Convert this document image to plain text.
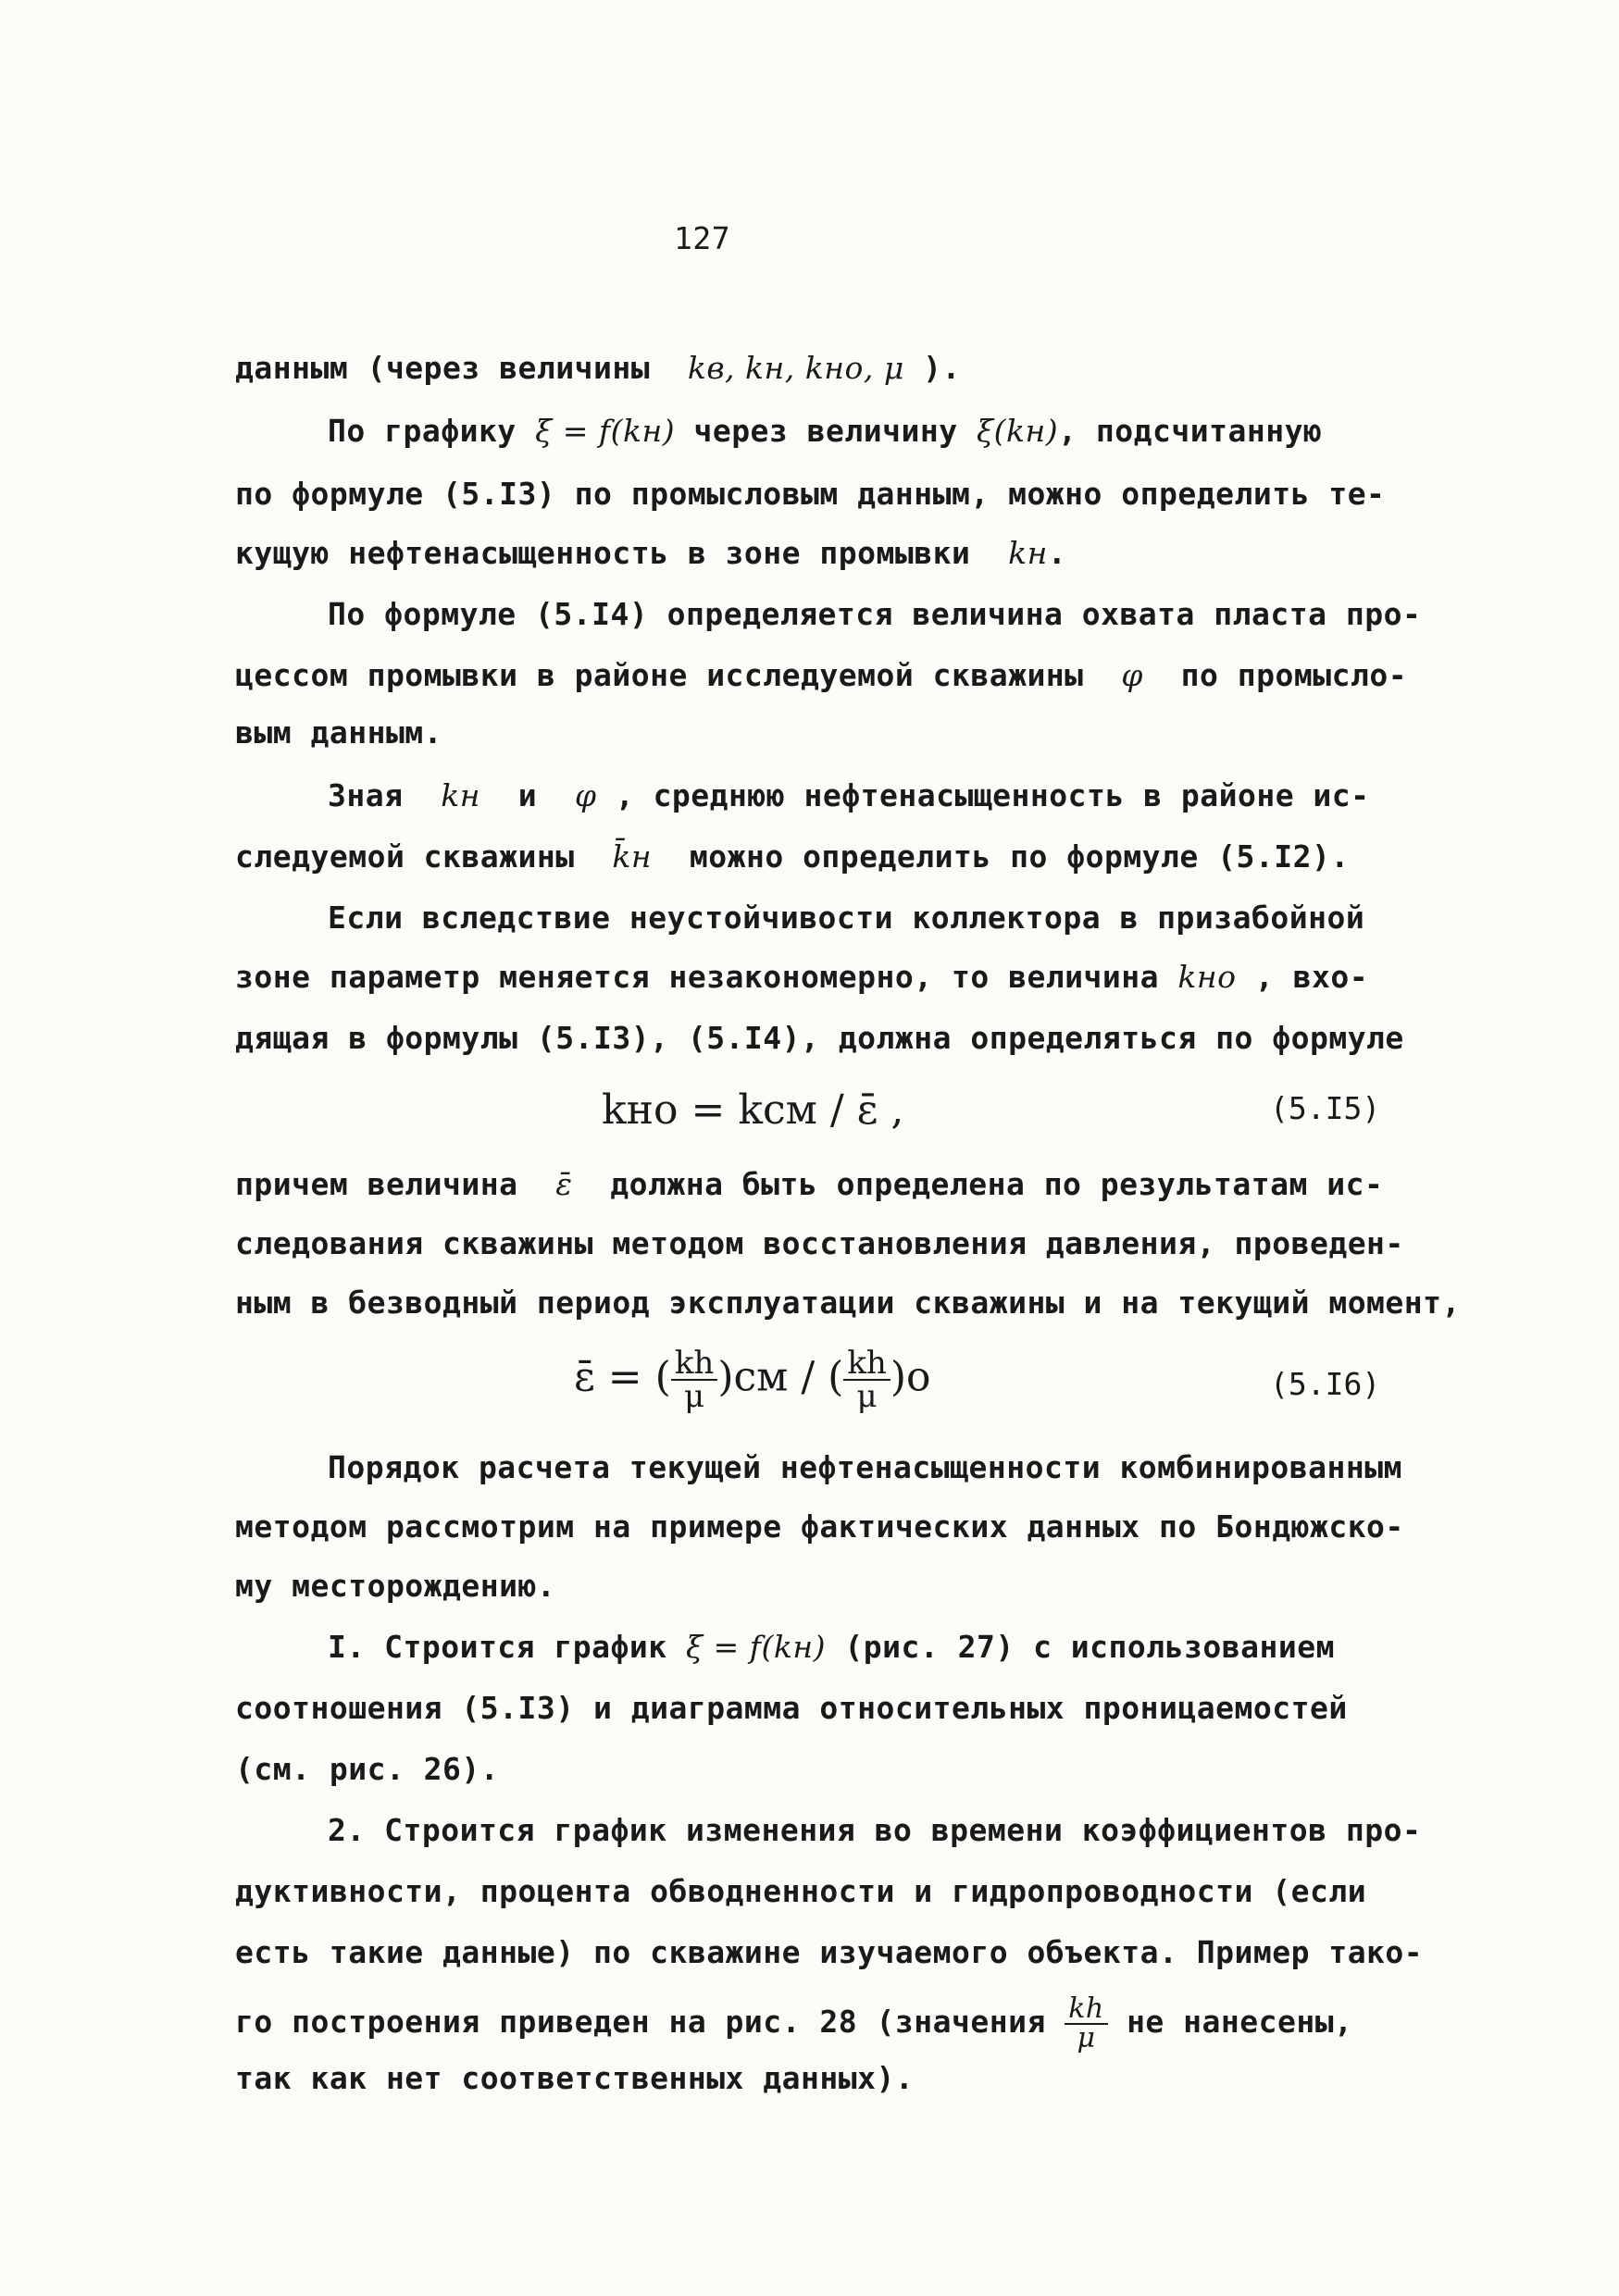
127
данным (через величины kв, kн, kно, μ ).
По графику ξ = f(kн) через величину ξ(kн), подсчитанную
по формуле (5.I3) по промысловым данным, можно определить те-
кущую нефтенасыщенность в зоне промывки kн.
По формуле (5.I4) определяется величина охвата пласта про-
цессом промывки в районе исследуемой скважины φ по промысло-
вым данным.
Зная kн и φ , среднюю нефтенасыщенность в районе ис-
следуемой скважины k̄н можно определить по формуле (5.I2).
Если вследствие неустойчивости коллектора в призабойной
зоне параметр меняется незакономерно, то величина kно , вхо-
дящая в формулы (5.I3), (5.I4), должна определяться по формуле
kно = kсм / ε̄ ,	(5.I5)
причем величина ε̄ должна быть определена по результатам ис-
следования скважины методом восстановления давления, проведен-
ным в безводный период эксплуатации скважины и на текущий момент,
ε̄ = ( $\frac{kh}{\mu} )см$ / ( $\frac{kh}{\mu} )о$	(5.I6)
Порядок расчета текущей нефтенасыщенности комбинированным
методом рассмотрим на примере фактических данных по Бондюжско-
му месторождению.
I. Строится график ξ = f(kн) (рис. 27) с использованием
соотношения (5.I3) и диаграмма относительных проницаемостей
(см. рис. 26).
2. Строится график изменения во времени коэффициентов про-
дуктивности, процента обводненности и гидропроводности (если
есть такие данные) по скважине изучаемого объекта. Пример тако-
го построения приведен на рис. 28 (значения $\frac{kh}{\mu}$ не нанесены,
так как нет соответственных данных).
